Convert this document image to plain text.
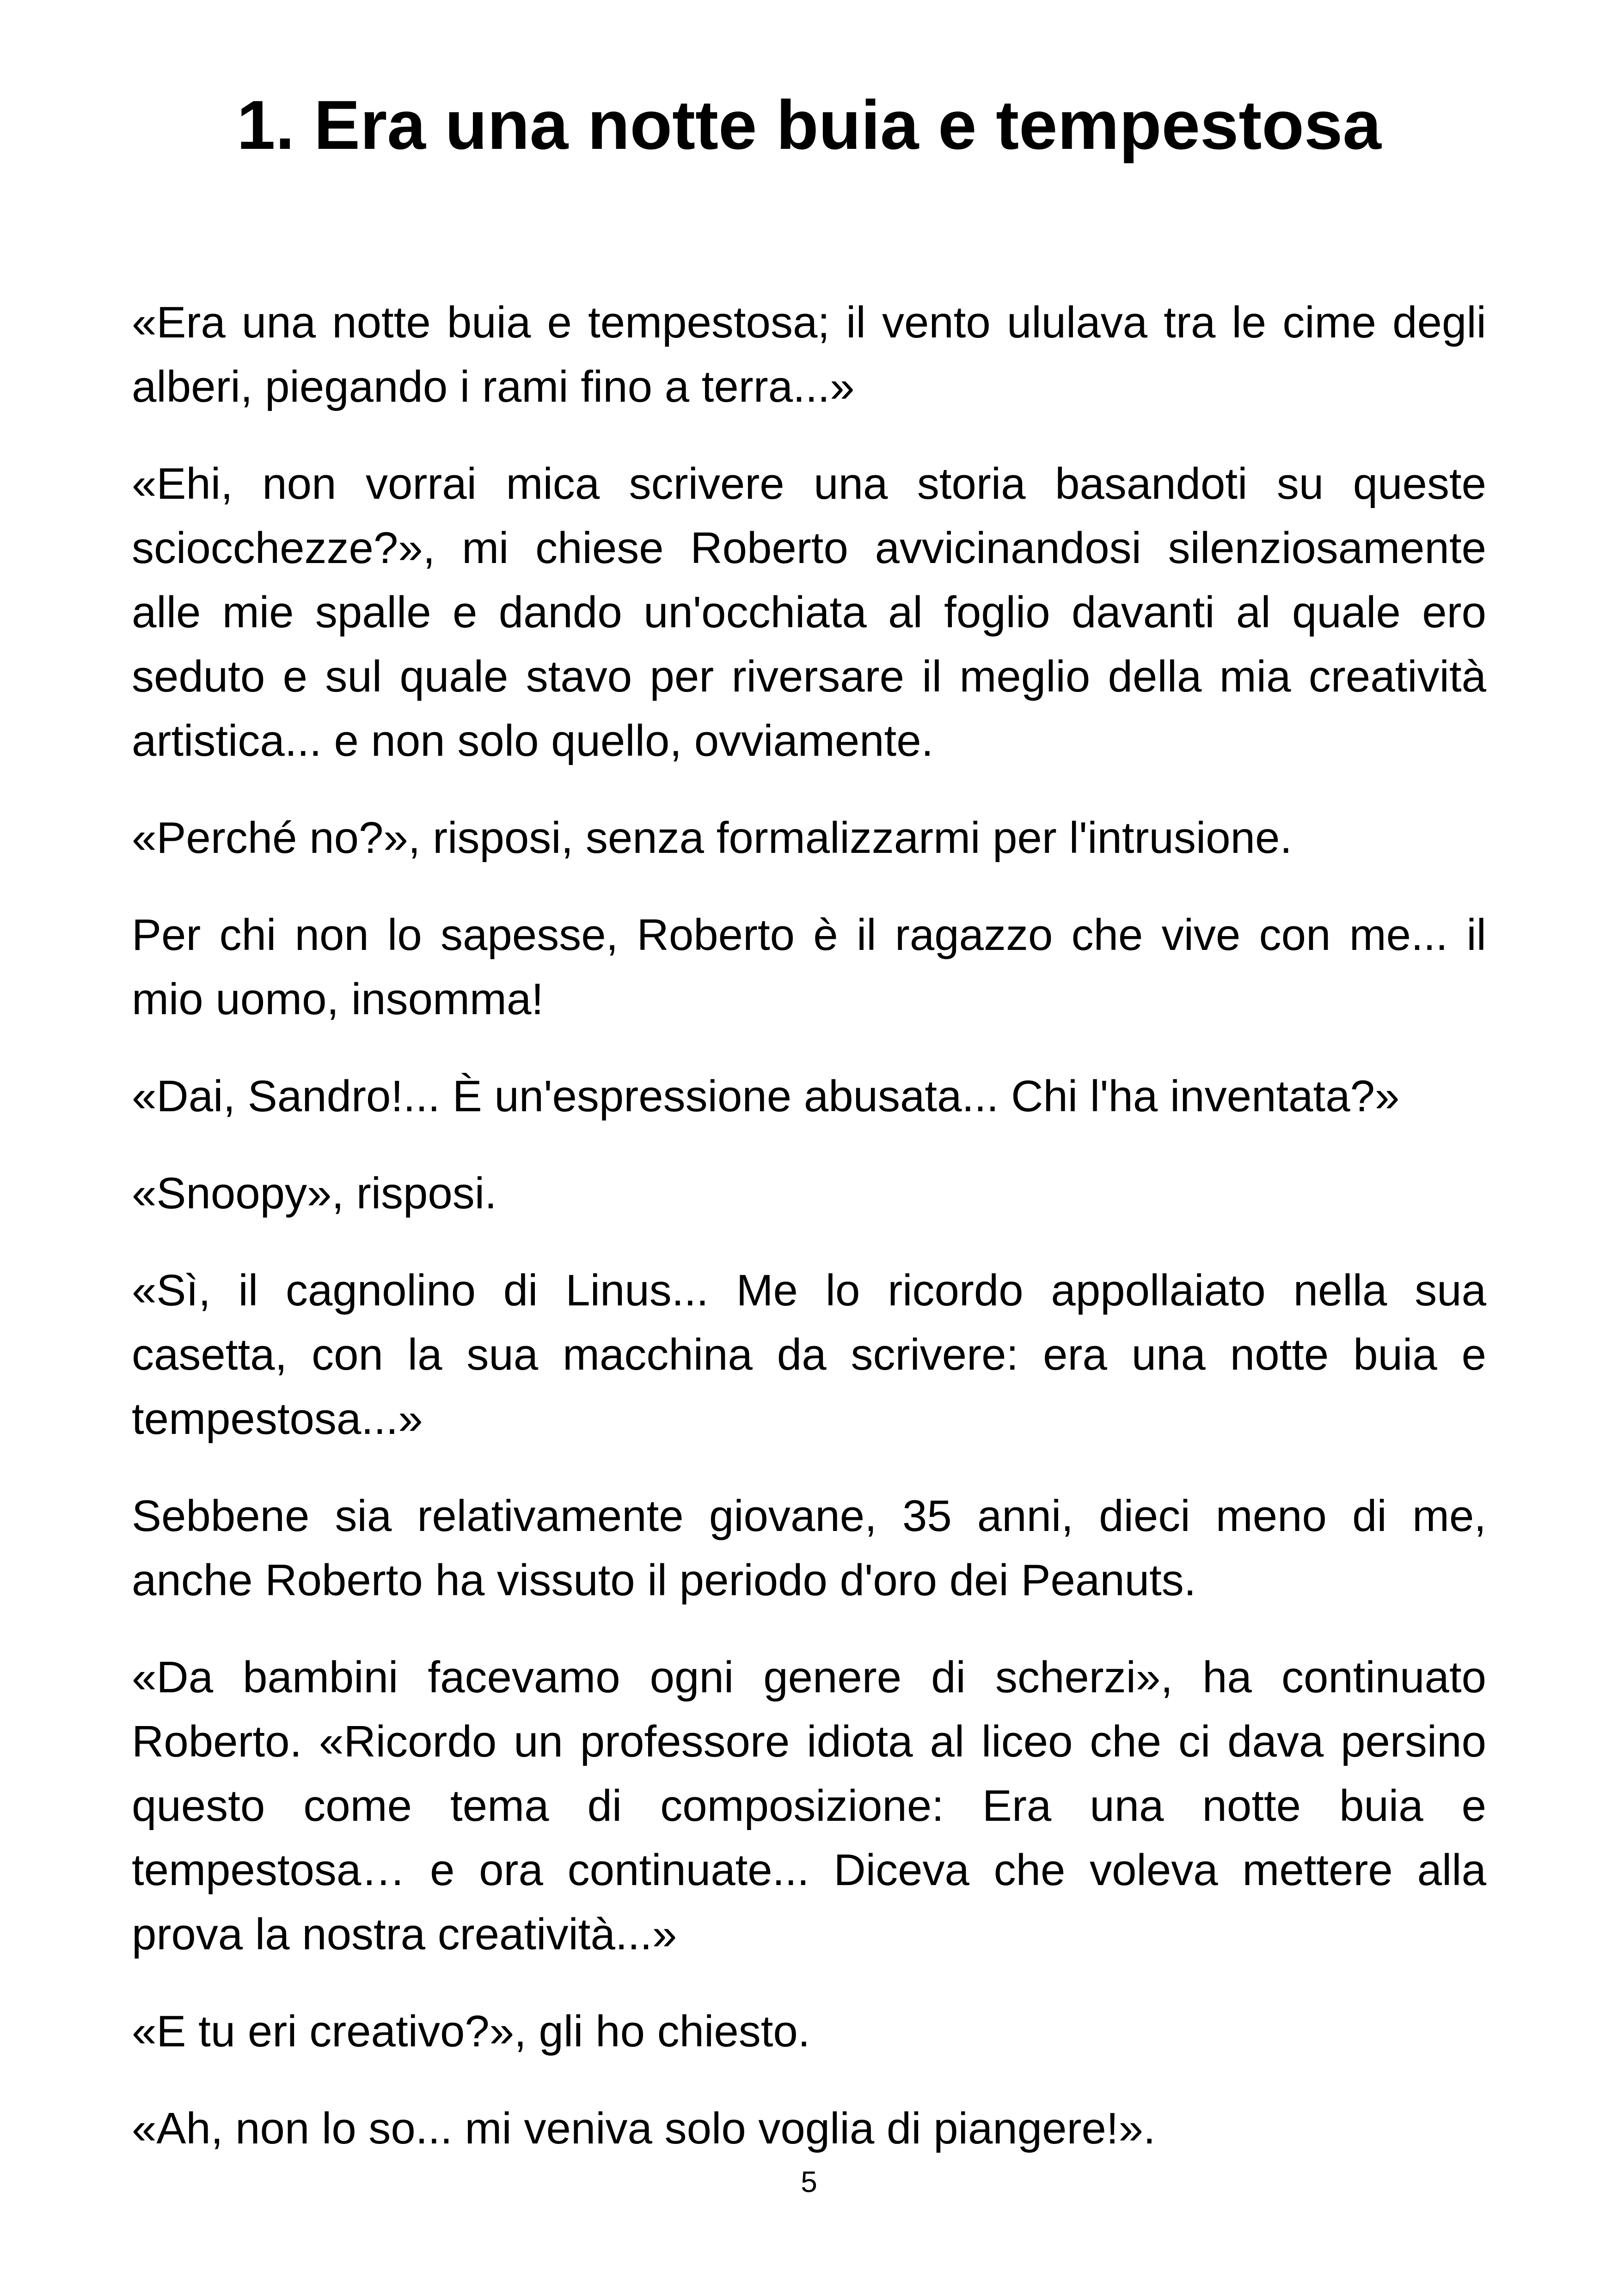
1. Era una notte buia e tempestosa

«Era una notte buia e tempestosa; il vento ululava tra le cime degli alberi, piegando i rami fino a terra...»

«Ehi, non vorrai mica scrivere una storia basandoti su queste sciocchezze?», mi chiese Roberto avvicinandosi silenziosamente alle mie spalle e dando un'occhiata al foglio davanti al quale ero seduto e sul quale stavo per riversare il meglio della mia creatività artistica... e non solo quello, ovviamente.

«Perché no?», risposi, senza formalizzarmi per l'intrusione.

Per chi non lo sapesse, Roberto è il ragazzo che vive con me... il mio uomo, insomma!

«Dai, Sandro!... È un'espressione abusata... Chi l'ha inventata?»

«Snoopy», risposi.

«Sì, il cagnolino di Linus... Me lo ricordo appollaiato nella sua casetta, con la sua macchina da scrivere: era una notte buia e tempestosa...»

Sebbene sia relativamente giovane, 35 anni, dieci meno di me, anche Roberto ha vissuto il periodo d'oro dei Peanuts.

«Da bambini facevamo ogni genere di scherzi», ha continuato Roberto. «Ricordo un professore idiota al liceo che ci dava persino questo come tema di composizione: Era una notte buia e tempestosa… e ora continuate... Diceva che voleva mettere alla prova la nostra creatività...»

«E tu eri creativo?», gli ho chiesto.

«Ah, non lo so... mi veniva solo voglia di piangere!».

5
